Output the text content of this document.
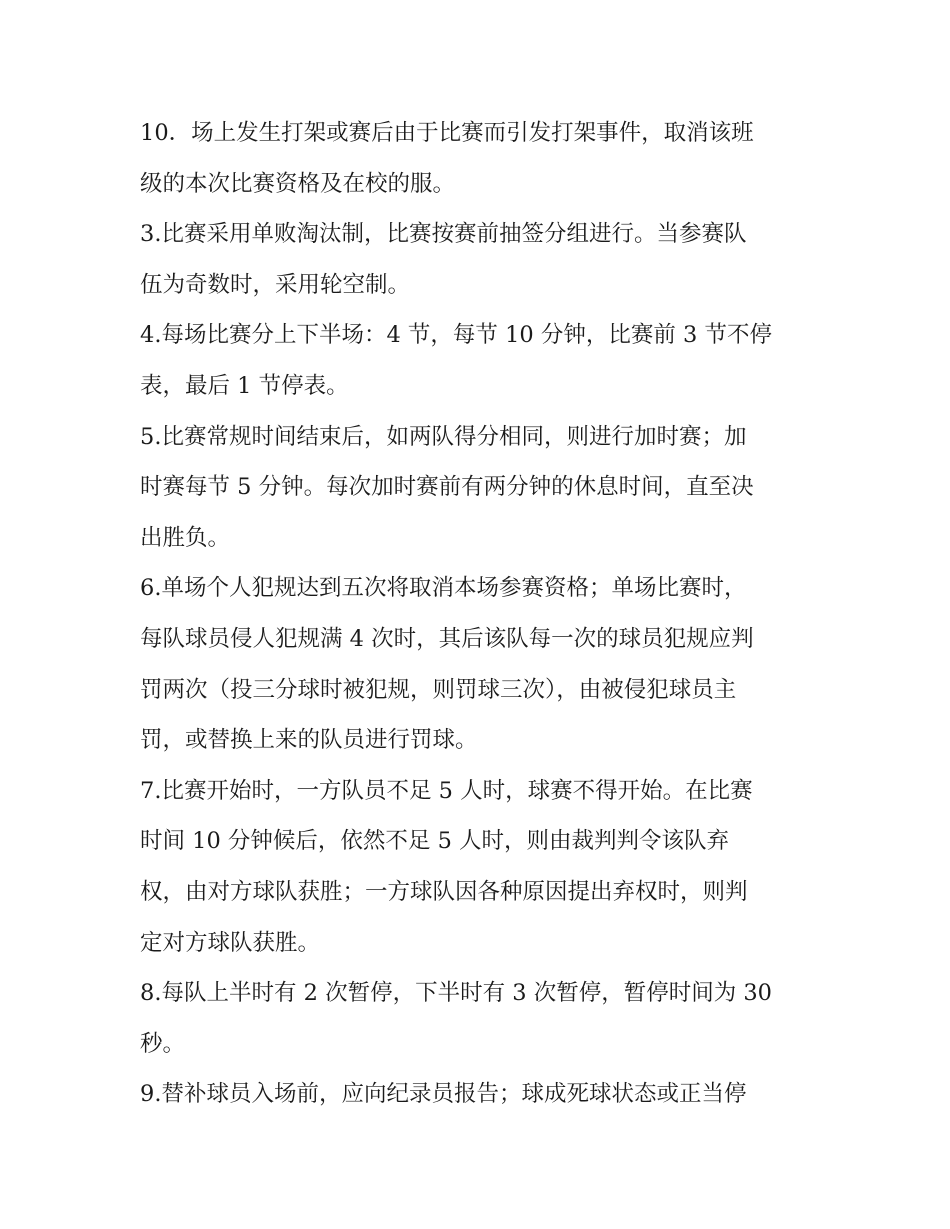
10．场上发生打架或赛后由于比赛而引发打架事件，取消该班
级的本次比赛资格及在校的服。
3.比赛采用单败淘汰制，比赛按赛前抽签分组进行。当参赛队
伍为奇数时，采用轮空制。
4.每场比赛分上下半场：4 节，每节 10 分钟，比赛前 3 节不停
表，最后 1 节停表。
5.比赛常规时间结束后，如两队得分相同，则进行加时赛；加
时赛每节 5 分钟。每次加时赛前有两分钟的休息时间，直至决
出胜负。
6.单场个人犯规达到五次将取消本场参赛资格；单场比赛时，
每队球员侵人犯规满 4 次时，其后该队每一次的球员犯规应判
罚两次（投三分球时被犯规，则罚球三次），由被侵犯球员主
罚，或替换上来的队员进行罚球。
7.比赛开始时，一方队员不足 5 人时，球赛不得开始。在比赛
时间 10 分钟候后，依然不足 5 人时，则由裁判判令该队弃
权，由对方球队获胜；一方球队因各种原因提出弃权时，则判
定对方球队获胜。
8.每队上半时有 2 次暂停，下半时有 3 次暂停，暂停时间为 30
秒。
9.替补球员入场前，应向纪录员报告；球成死球状态或正当停
